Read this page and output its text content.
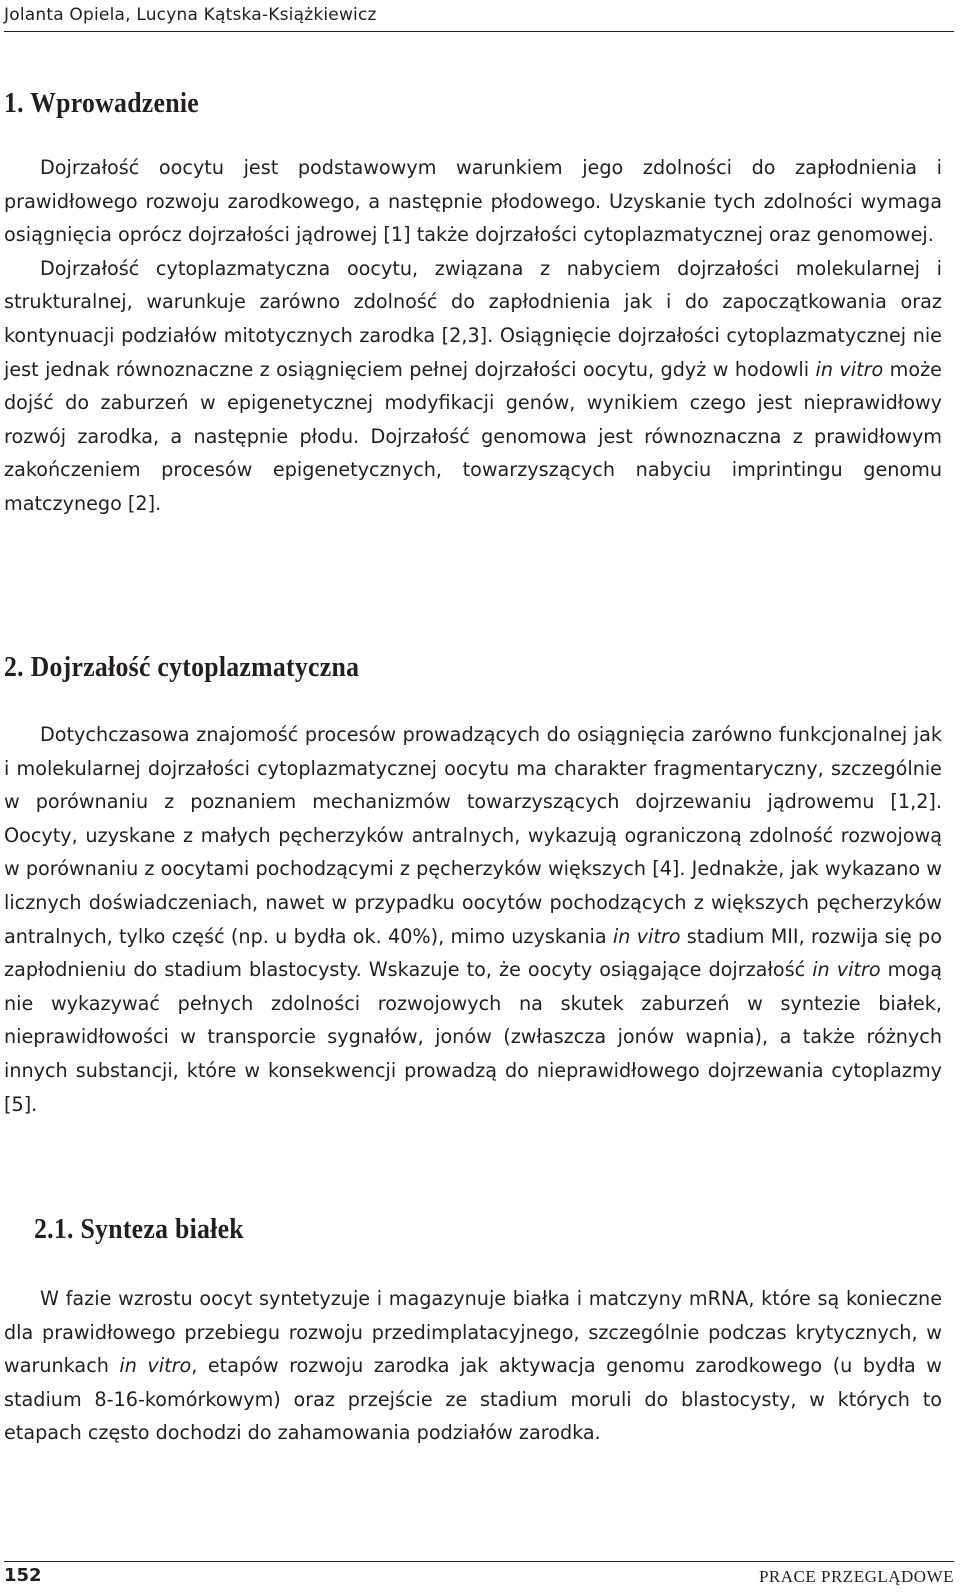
Jolanta Opiela, Lucyna Kątska-Książkiewicz
1. Wprowadzenie

Dojrzałość oocytu jest podstawowym warunkiem jego zdolności do zapłodnienia i prawidłowego rozwoju zarodkowego, a następnie płodowego. Uzyskanie tych zdolności wymaga osiągnięcia oprócz dojrzałości jądrowej [1] także dojrzałości cytoplazmatycznej oraz genomowej.

Dojrzałość cytoplazmatyczna oocytu, związana z nabyciem dojrzałości molekularnej i strukturalnej, warunkuje zarówno zdolność do zapłodnienia jak i do zapoczątkowania oraz kontynuacji podziałów mitotycznych zarodka [2,3]. Osiągnięcie dojrzałości cytoplazmatycznej nie jest jednak równoznaczne z osiągnięciem pełnej dojrzałości oocytu, gdyż w hodowli in vitro może dojść do zaburzeń w epigenetycznej modyfikacji genów, wynikiem czego jest nieprawidłowy rozwój zarodka, a następnie płodu. Dojrzałość genomowa jest równoznaczna z prawidłowym zakończeniem procesów epigenetycznych, towarzyszących nabyciu imprintingu genomu matczynego [2].

2. Dojrzałość cytoplazmatyczna

Dotychczasowa znajomość procesów prowadzących do osiągnięcia zarówno funkcjonalnej jak i molekularnej dojrzałości cytoplazmatycznej oocytu ma charakter fragmentaryczny, szczególnie w porównaniu z poznaniem mechanizmów towarzyszących dojrzewaniu jądrowemu [1,2]. Oocyty, uzyskane z małych pęcherzyków antralnych, wykazują ograniczoną zdolność rozwojową w porównaniu z oocytami pochodzącymi z pęcherzyków większych [4]. Jednakże, jak wykazano w licznych doświadczeniach, nawet w przypadku oocytów pochodzących z większych pęcherzyków antralnych, tylko część (np. u bydła ok. 40%), mimo uzyskania in vitro stadium MII, rozwija się po zapłodnieniu do stadium blastocysty. Wskazuje to, że oocyty osiągające dojrzałość in vitro mogą nie wykazywać pełnych zdolności rozwojowych na skutek zaburzeń w syntezie białek, nieprawidłowości w transporcie sygnałów, jonów (zwłaszcza jonów wapnia), a także różnych innych substancji, które w konsekwencji prowadzą do nieprawidłowego dojrzewania cytoplazmy [5].

2.1. Synteza białek

W fazie wzrostu oocyt syntetyzuje i magazynuje białka i matczyny mRNA, które są konieczne dla prawidłowego przebiegu rozwoju przedimplatacyjnego, szczególnie podczas krytycznych, w warunkach in vitro, etapów rozwoju zarodka jak aktywacja genomu zarodkowego (u bydła w stadium 8-16-komórkowym) oraz przejście ze stadium moruli do blastocysty, w których to etapach często dochodzi do zahamowania podziałów zarodka.

152	PRACE PRZEGLĄDOWE
